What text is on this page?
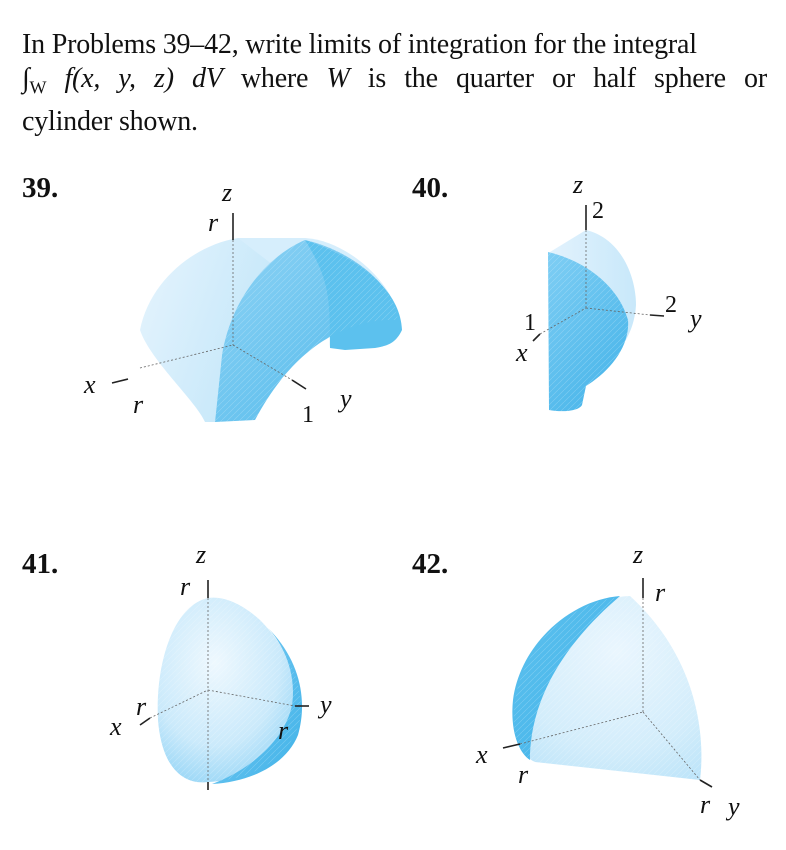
In Problems 39–42, write limits of integration for the integral
$\int_W$ f(x, y, z) dV where W is the quarter or half sphere or
cylinder shown.
39.	40.
41.	42.
z
r
x
r	y
1
z
2
1
x
2 y
z
r
r
x	r
y
z
r
x
r
r y
